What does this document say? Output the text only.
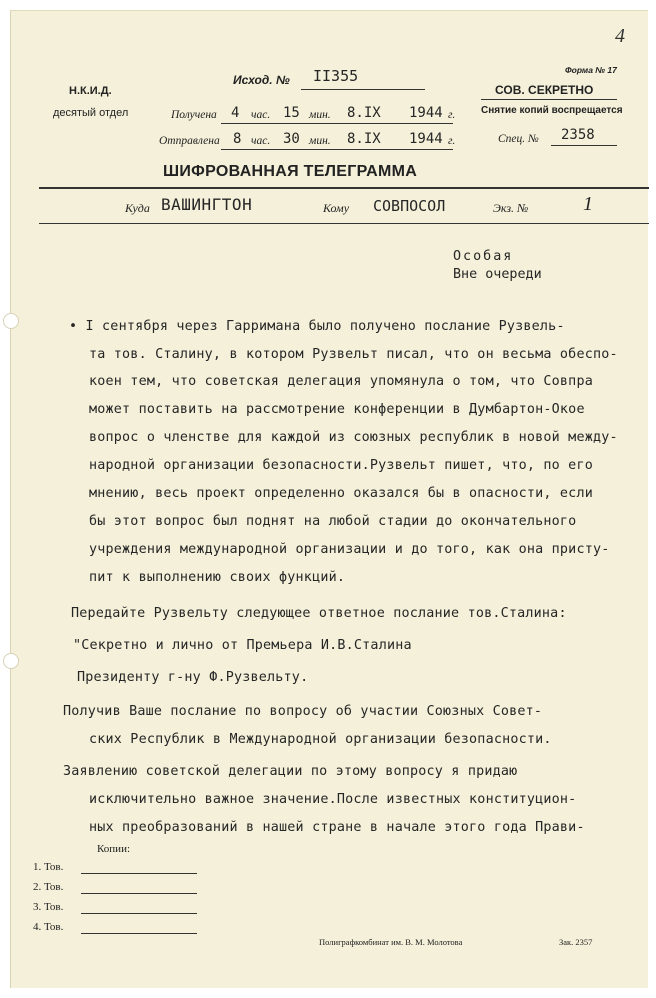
4
Н.К.И.Д.
десятый отдел
Исход. № II355
Получена 4 час. 15 мин. 8.IX 1944 г.
Отправлена 8 час. 30 мин. 8.IX 1944 г.
Форма № 17
СОВ. СЕКРЕТНО
Снятие копий воспрещается
Спец. № 2358
ШИФРОВАННАЯ ТЕЛЕГРАММА
Куда ВАШИНГТОН	Кому СОВПОСОЛ	Экз. №	1
Особая
Вне очереди
• I сентября через Гарримана было получено послание Рузвель-
та тов. Сталину, в котором Рузвельт писал, что он весьма обеспо-
коен тем, что советская делегация упомянула о том, что Совпра
может поставить на рассмотрение конференции в Думбартон-Окое
вопрос о членстве для каждой из союзных республик в новой между-
народной организации безопасности.Рузвельт пишет, что, по его
мнению, весь проект определенно оказался бы в опасности, если
бы этот вопрос был поднят на любой стадии до окончательного
учреждения международной организации и до того, как она присту-
пит к выполнению своих функций.
Передайте Рузвельту следующее ответное послание тов.Сталина:
"Секретно и лично от Премьера И.В.Сталина
Президенту г-ну Ф.Рузвельту.
Получив Ваше послание по вопросу об участии Союзных Совет-
ских Республик в Международной организации безопасности.
Заявлению советской делегации по этому вопросу я придаю
исключительно важное значение.После известных конституцион-
ных преобразований в нашей стране в начале этого года Прави-
Копии:
1. Тов.
2. Тов.
3. Тов.
4. Тов.
Полиграфкомбинат им. В. М. Молотова	Зак. 2357
